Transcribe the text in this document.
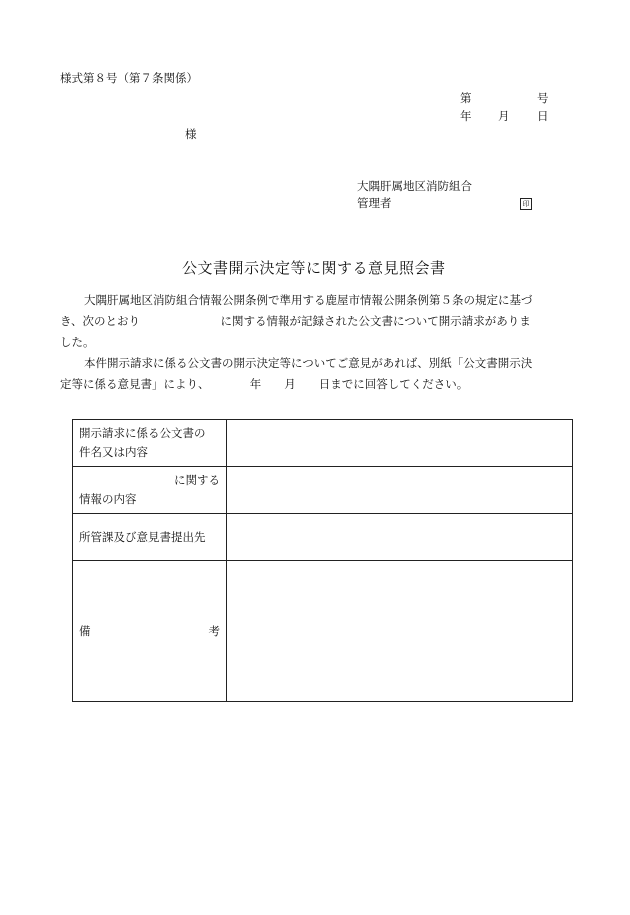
様式第８号（第７条関係）
第	号
年 月 日
様
大隅肝属地区消防組合
管理者	印
公文書開示決定等に関する意見照会書
大隅肝属地区消防組合情報公開条例で準用する鹿屋市情報公開条例第５条の規定に基づ
き、次のとおり　　　　　　　に関する情報が記録された公文書について開示請求がありま
した。
本件開示請求に係る公文書の開示決定等についてご意見があれば、別紙「公文書開示決
定等に係る意見書」により、　　　　年　　月　　日までに回答してください。
開示請求に係る公文書の
件名又は内容	

に関する
情報の内容	

所管課及び意見書提出先	

備 考	
